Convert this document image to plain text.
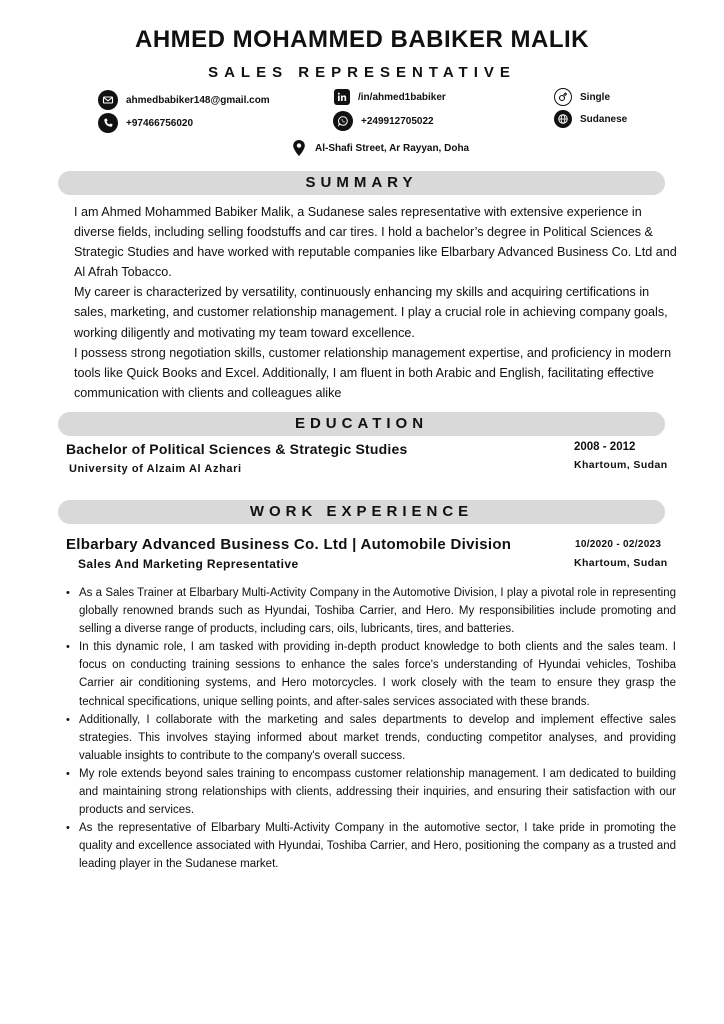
AHMED MOHAMMED BABIKER MALIK
SALES REPRESENTATIVE
ahmedbabiker148@gmail.com
+97466756020
/in/ahmed1babiker
+249912705022
Single
Sudanese
Al-Shafi Street, Ar Rayyan, Doha
SUMMARY

I am Ahmed Mohammed Babiker Malik, a Sudanese sales representative with extensive experience in diverse fields, including selling foodstuffs and car tires. I hold a bachelor’s degree in Political Sciences & Strategic Studies and have worked with reputable companies like Elbarbary Advanced Business Co. Ltd and Al Afrah Tobacco.

My career is characterized by versatility, continuously enhancing my skills and acquiring certifications in sales, marketing, and customer relationship management. I play a crucial role in achieving company goals, working diligently and motivating my team toward excellence.

I possess strong negotiation skills, customer relationship management expertise, and proficiency in modern tools like Quick Books and Excel. Additionally, I am fluent in both Arabic and English, facilitating effective communication with clients and colleagues alike

EDUCATION
Bachelor of Political Sciences & Strategic Studies
University of Alzaim Al Azhari
2008 - 2012
Khartoum, Sudan
WORK EXPERIENCE
Elbarbary Advanced Business Co. Ltd | Automobile Division
Sales And Marketing Representative
10/2020 - 02/2023
Khartoum, Sudan
• As a Sales Trainer at Elbarbary Multi-Activity Company in the Automotive Division, I play a pivotal role in representing globally renowned brands such as Hyundai, Toshiba Carrier, and Hero. My responsibilities include promoting and selling a diverse range of products, including cars, oils, lubricants, tires, and batteries.
• In this dynamic role, I am tasked with providing in-depth product knowledge to both clients and the sales team. I focus on conducting training sessions to enhance the sales force's understanding of Hyundai vehicles, Toshiba Carrier air conditioning systems, and Hero motorcycles. I work closely with the team to ensure they grasp the technical specifications, unique selling points, and after-sales services associated with these brands.
• Additionally, I collaborate with the marketing and sales departments to develop and implement effective sales strategies. This involves staying informed about market trends, conducting competitor analyses, and providing valuable insights to contribute to the company's overall success.
• My role extends beyond sales training to encompass customer relationship management. I am dedicated to building and maintaining strong relationships with clients, addressing their inquiries, and ensuring their satisfaction with our products and services.
• As the representative of Elbarbary Multi-Activity Company in the automotive sector, I take pride in promoting the quality and excellence associated with Hyundai, Toshiba Carrier, and Hero, positioning the company as a trusted and leading player in the Sudanese market.
